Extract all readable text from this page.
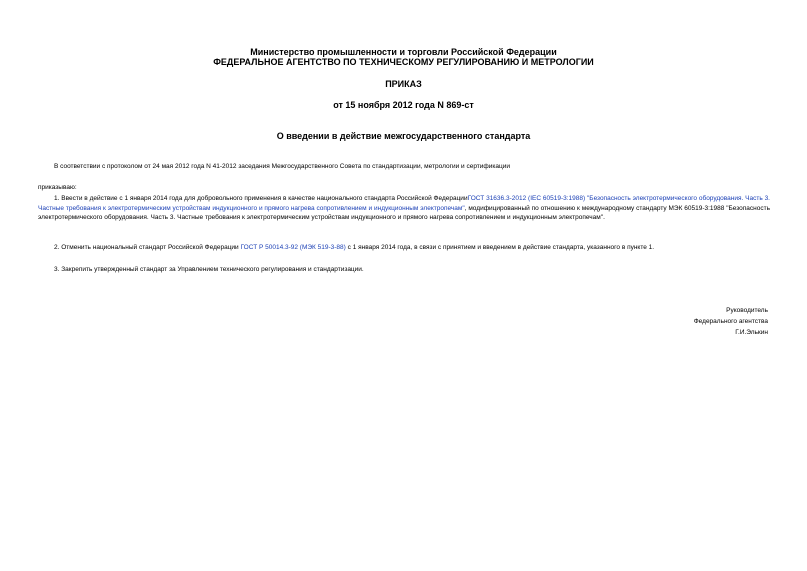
Министерство промышленности и торговли Российской Федерации
ФЕДЕРАЛЬНОЕ АГЕНТСТВО ПО ТЕХНИЧЕСКОМУ РЕГУЛИРОВАНИЮ И МЕТРОЛОГИИ
ПРИКАЗ
от 15 ноября 2012 года N 869-ст
О введении в действие межгосударственного стандарта
В соответствии с протоколом от 24 мая 2012 года N 41-2012 заседания Межгосударственного Совета по стандартизации, метрологии и сертификации
приказываю:
1. Ввести в действие с 1 января 2014 года для добровольного применения в качестве национального стандарта Российской ФедерацииГОСТ 31636.3-2012 (IEC 60519-3:1988) "Безопасность электротермического оборудования. Часть 3. Частные требования к электротермическим устройствам индукционного и прямого нагрева сопротивлением и индукционным электропечам", модифицированный по отношению к международному стандарту МЭК 60519-3:1988 "Безопасность электротермического оборудования. Часть 3. Частные требования к электротермическим устройствам индукционного и прямого нагрева сопротивлением и индукционным электропечам".
2. Отменить национальный стандарт Российской Федерации ГОСТ Р 50014.3-92 (МЭК 519-3-88) с 1 января 2014 года, в связи с принятием и введением в действие стандарта, указанного в пункте 1.
3. Закрепить утвержденный стандарт за Управлением технического регулирования и стандартизации.
Руководитель
Федерального агентства
Г.И.Элькин
